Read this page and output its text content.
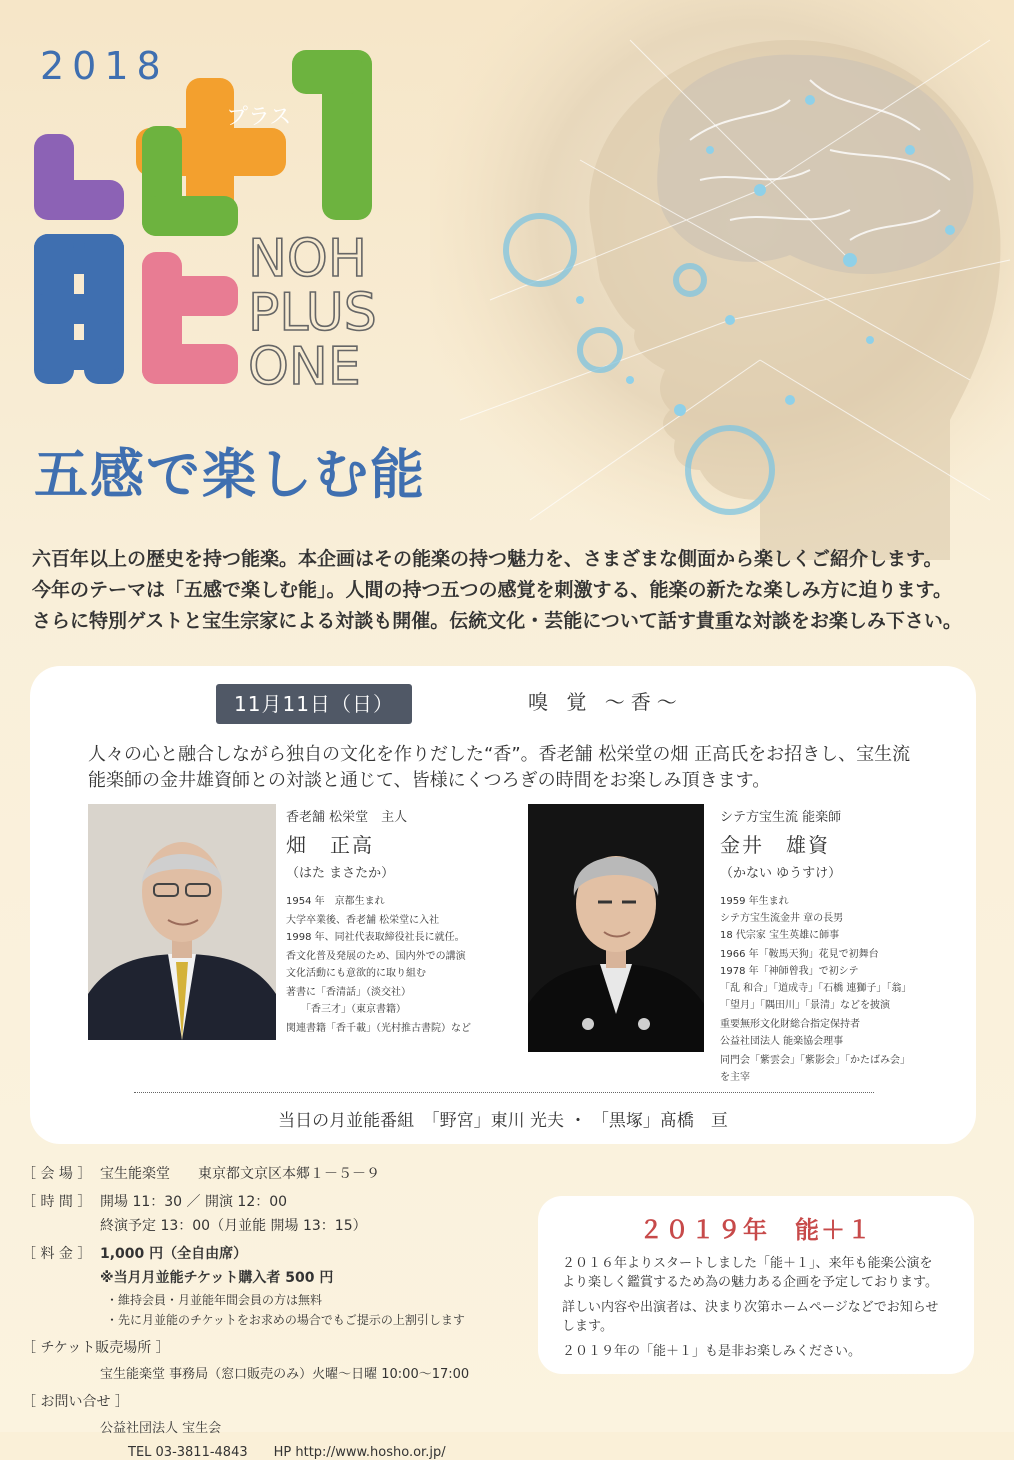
2018
プラス
NOH
PLUS
ONE
五感で楽しむ能

六百年以上の歴史を持つ能楽。本企画はその能楽の持つ魅力を、さまざまな側面から楽しくご紹介します。

今年のテーマは「五感で楽しむ能」。人間の持つ五つの感覚を刺激する、能楽の新たな楽しみ方に迫ります。

さらに特別ゲストと宝生宗家による対談も開催。伝統文化・芸能について話す貴重な対談をお楽しみ下さい。

11月11日（日）	嗅 覚 〜香〜

人々の心と融合しながら独自の文化を作りだした“香”。香老舗 松栄堂の畑 正高氏をお招きし、宝生流

能楽師の金井雄資師との対談と通じて、皆様にくつろぎの時間をお楽しみ頂きます。

香老舗 松栄堂　主人

畑　正高

（はた まさたか）

1954 年　京都生まれ

大学卒業後、香老舗 松栄堂に入社

1998 年、同社代表取締役社長に就任。

香文化普及発展のため、国内外での講演

文化活動にも意欲的に取り組む

著書に「香清話」（淡交社）

　　「香三才」（東京書籍）

関連書籍「香千載」（光村推古書院）など

シテ方宝生流 能楽師

金井　雄資

（かない ゆうすけ）

1959 年生まれ

シテ方宝生流金井 章の長男

18 代宗家 宝生英雄に師事

1966 年「鞍馬天狗」花見で初舞台

1978 年「神師曾我」で初シテ

「乱 和合」「道成寺」「石橋 連獅子」「翁」

「望月」「隅田川」「景清」などを披演

重要無形文化財総合指定保持者

公益社団法人 能楽協会理事

同門会「紫雲会」「紫影会」「かたばみ会」

を主宰

当日の月並能番組　「野宮」東川 光夫 ・ 「黒塚」髙橋　亘
［ 会 場 ］ 宝生能楽堂　　東京都文京区本郷１－５－９
［ 時 間 ］ 開場 11：30 ／ 開演 12：00
終演予定 13：00（月並能 開場 13：15）
［ 料 金 ］ 1,000 円（全自由席）
※当月月並能チケット購入者 500 円
・維持会員・月並能年間会員の方は無料
・先に月並能のチケットをお求めの場合でもご提示の上割引します
［ チケット販売場所 ］
宝生能楽堂 事務局（窓口販売のみ）火曜〜日曜 10:00〜17:00
［ お問い合せ ］
公益社団法人 宝生会
TEL 03-3811-4843　　HP http://www.hosho.or.jp/
２０１９年　能＋１

２０１６年よりスタートしました「能＋１」、来年も能楽公演を

より楽しく鑑賞するため為の魅力ある企画を予定しております。

詳しい内容や出演者は、決まり次第ホームページなどでお知らせ

します。

２０１９年の「能＋１」も是非お楽しみください。
